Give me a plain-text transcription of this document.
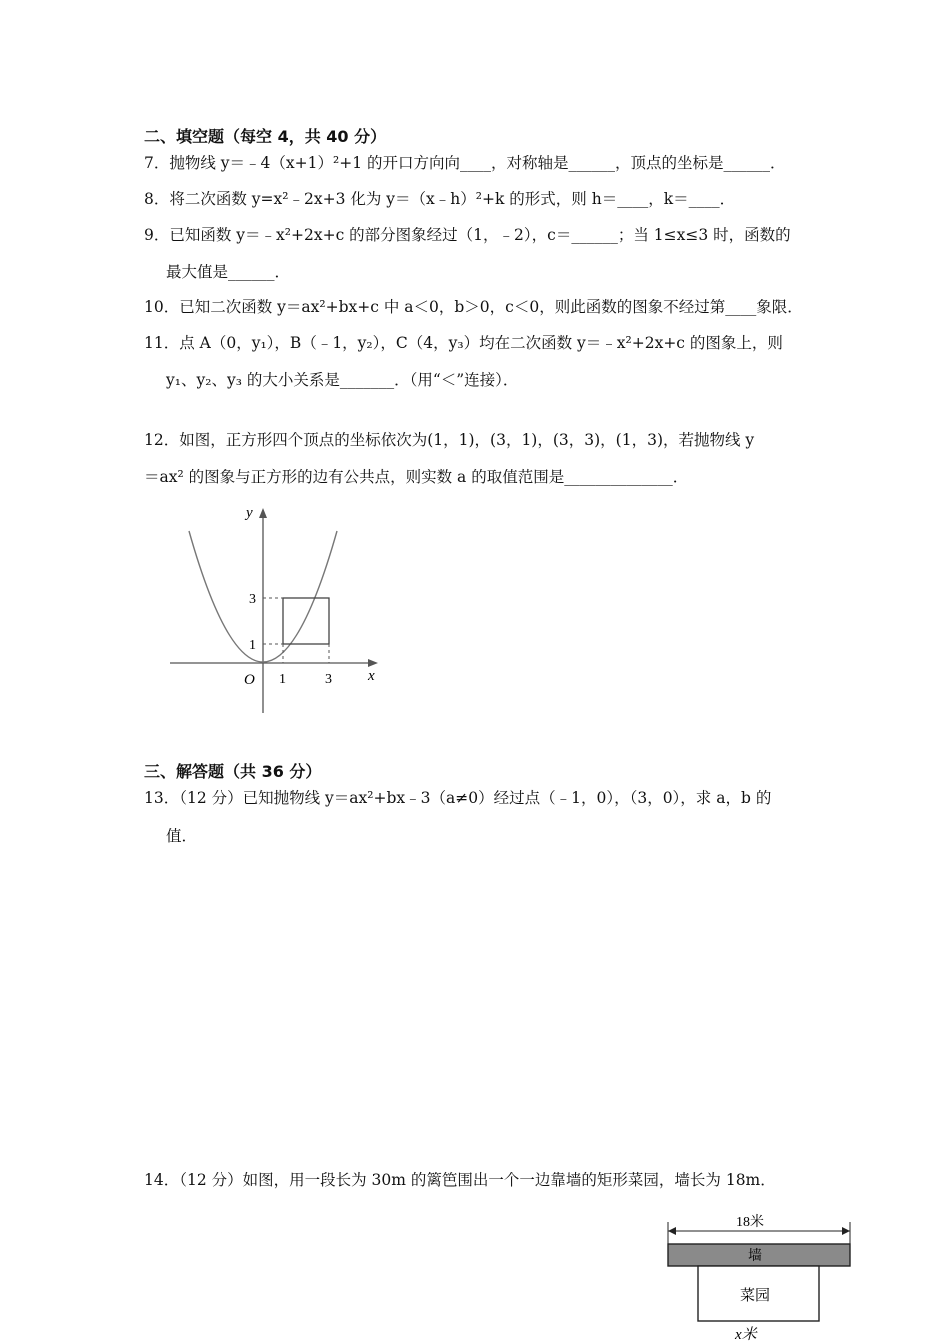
二、填空题（每空 4，共 40 分）
7．抛物线 y＝﹣4（x+1）²+1 的开口方向向____，对称轴是______，顶点的坐标是______．
8．将二次函数 y=x²﹣2x+3 化为 y＝（x﹣h）²+k 的形式，则 h＝____，k＝____．
9．已知函数 y＝﹣x²+2x+c 的部分图象经过（1，﹣2），c＝______；当 1≤x≤3 时，函数的
最大值是______．
10．已知二次函数 y＝ax²+bx+c 中 a＜0，b＞0，c＜0，则此函数的图象不经过第____象限．
11．点 A（0，y₁），B（﹣1，y₂），C（4，y₃）均在二次函数 y＝﹣x²+2x+c 的图象上，则
y₁、y₂、y₃ 的大小关系是_______．（用“＜”连接）．
12．如图，正方形四个顶点的坐标依次为(1，1)，(3，1)，(3，3)，(1，3)，若抛物线 y
＝ax² 的图象与正方形的边有公共点，则实数 a 的取值范围是______________．
y
x
O 1	3
3
1
三、解答题（共 36 分）
13．（12 分）已知抛物线 y＝ax²+bx﹣3（a≠0）经过点（﹣1，0），（3，0），求 a，b 的
值．
14．（12 分）如图，用一段长为 30m 的篱笆围出一个一边靠墙的矩形菜园，墙长为 18m．
18米
墙
菜园
x米
